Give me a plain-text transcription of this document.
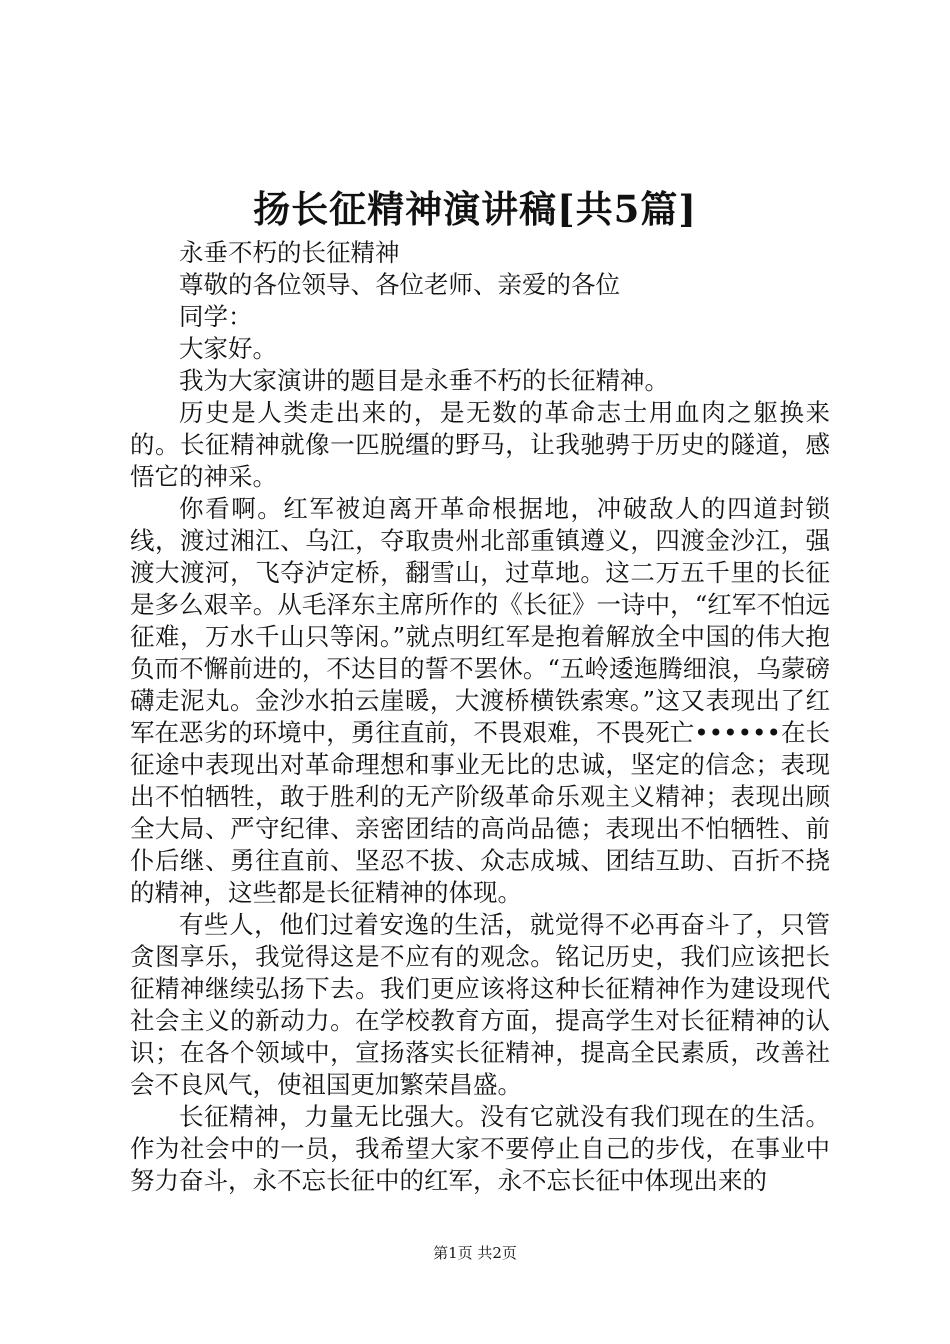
扬长征精神演讲稿[共5篇]

永垂不朽的长征精神

尊敬的各位领导、各位老师、亲爱的各位

同学：

大家好。

我为大家演讲的题目是永垂不朽的长征精神。

历史是人类走出来的，是无数的革命志士用血肉之躯换来的。长征精神就像一匹脱缰的野马，让我驰骋于历史的隧道，感悟它的神采。

你看啊。红军被迫离开革命根据地，冲破敌人的四道封锁线，渡过湘江、乌江，夺取贵州北部重镇遵义，四渡金沙江，强渡大渡河，飞夺泸定桥，翻雪山，过草地。这二万五千里的长征是多么艰辛。从毛泽东主席所作的《长征》一诗中，“红军不怕远征难，万水千山只等闲。”就点明红军是抱着解放全中国的伟大抱负而不懈前进的，不达目的誓不罢休。“五岭逶迤腾细浪，乌蒙磅礴走泥丸。金沙水拍云崖暖，大渡桥横铁索寒。”这又表现出了红军在恶劣的环境中，勇往直前，不畏艰难，不畏死亡••••••在长征途中表现出对革命理想和事业无比的忠诚，坚定的信念；表现出不怕牺牲，敢于胜利的无产阶级革命乐观主义精神；表现出顾全大局、严守纪律、亲密团结的高尚品德；表现出不怕牺牲、前仆后继、勇往直前、坚忍不拔、众志成城、团结互助、百折不挠的精神，这些都是长征精神的体现。

有些人，他们过着安逸的生活，就觉得不必再奋斗了，只管贪图享乐，我觉得这是不应有的观念。铭记历史，我们应该把长征精神继续弘扬下去。我们更应该将这种长征精神作为建设现代社会主义的新动力。在学校教育方面，提高学生对长征精神的认识；在各个领域中，宣扬落实长征精神，提高全民素质，改善社会不良风气，使祖国更加繁荣昌盛。

长征精神，力量无比强大。没有它就没有我们现在的生活。作为社会中的一员，我希望大家不要停止自己的步伐，在事业中努力奋斗，永不忘长征中的红军，永不忘长征中体现出来的

第1页 共2页
